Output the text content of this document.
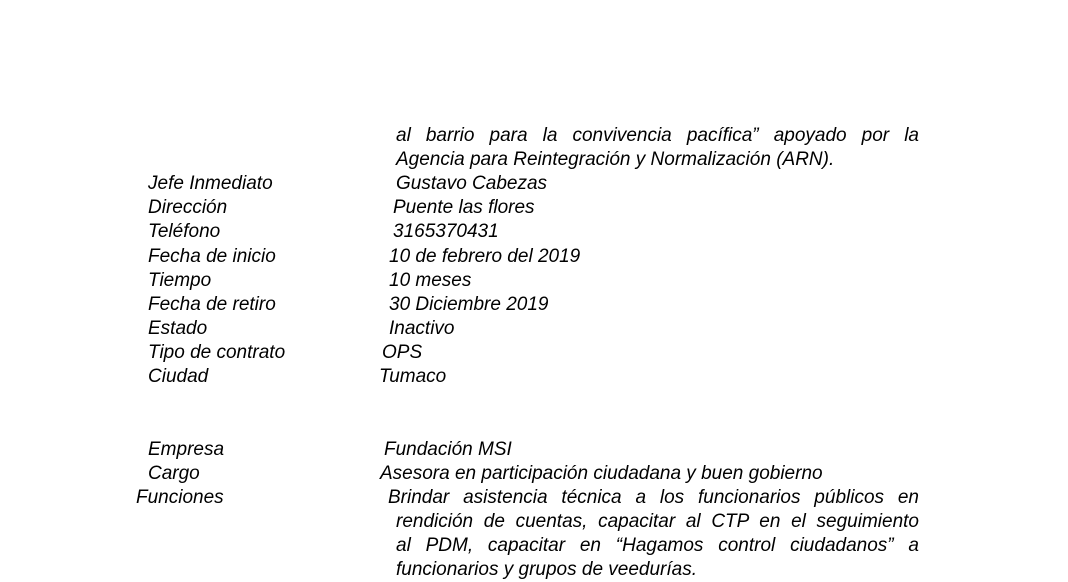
al barrio para la convivencia pacífica” apoyado por la
Agencia para Reintegración y Normalización (ARN).
Jefe Inmediato	Gustavo Cabezas
Dirección	Puente las flores
Teléfono	3165370431
Fecha de inicio	10 de febrero del 2019
Tiempo	10 meses
Fecha de retiro	30 Diciembre 2019
Estado	Inactivo
Tipo de contrato	OPS
Ciudad	Tumaco
Empresa	Fundación MSI
Cargo	Asesora en participación ciudadana y buen gobierno
Funciones	Brindar asistencia técnica a los funcionarios públicos en
rendición de cuentas, capacitar al CTP en el seguimiento
al PDM, capacitar en “Hagamos control ciudadanos” a
funcionarios y grupos de veedurías.
